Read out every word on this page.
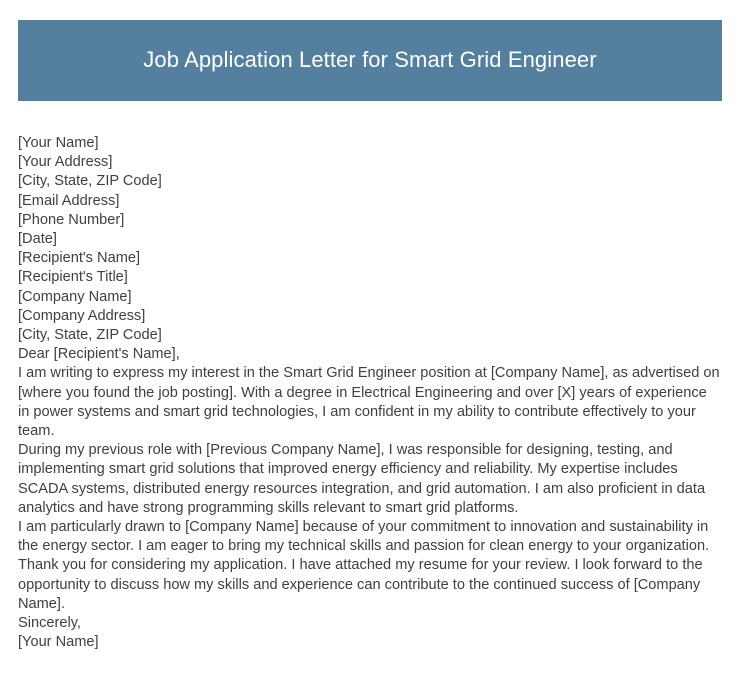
Job Application Letter for Smart Grid Engineer
[Your Name]
[Your Address]
[City, State, ZIP Code]
[Email Address]
[Phone Number]
[Date]
[Recipient's Name]
[Recipient's Title]
[Company Name]
[Company Address]
[City, State, ZIP Code]
Dear [Recipient's Name],

I am writing to express my interest in the Smart Grid Engineer position at [Company Name], as advertised on [where you found the job posting]. With a degree in Electrical Engineering and over [X] years of experience in power systems and smart grid technologies, I am confident in my ability to contribute effectively to your team.

During my previous role with [Previous Company Name], I was responsible for designing, testing, and implementing smart grid solutions that improved energy efficiency and reliability. My expertise includes SCADA systems, distributed energy resources integration, and grid automation. I am also proficient in data analytics and have strong programming skills relevant to smart grid platforms.

I am particularly drawn to [Company Name] because of your commitment to innovation and sustainability in the energy sector. I am eager to bring my technical skills and passion for clean energy to your organization.

Thank you for considering my application. I have attached my resume for your review. I look forward to the opportunity to discuss how my skills and experience can contribute to the continued success of [Company Name].

Sincerely,
[Your Name]
